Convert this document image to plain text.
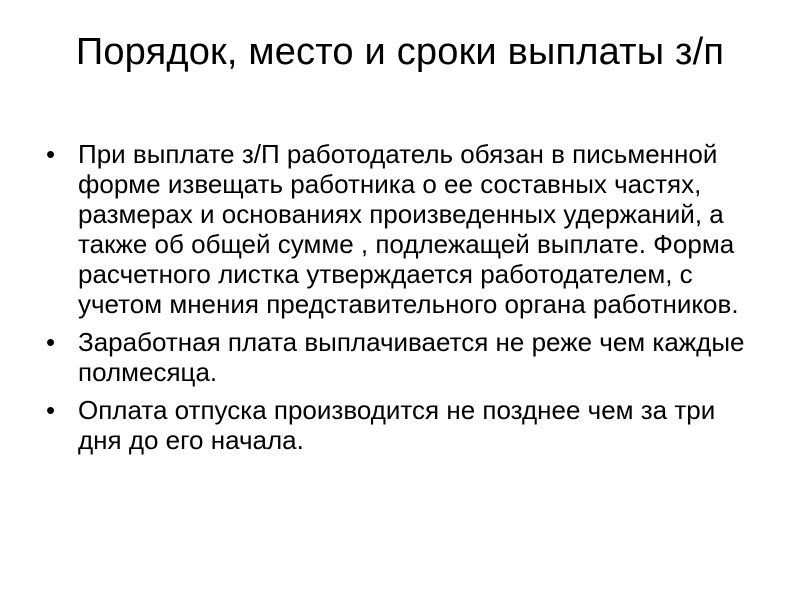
Порядок, место и сроки выплаты з/п
• При выплате з/П работодатель обязан в письменной форме извещать работника о ее составных частях, размерах и основаниях произведенных удержаний, а также об общей сумме , подлежащей выплате. Форма расчетного листка утверждается работодателем, с учетом мнения представительного органа работников.
• Заработная плата выплачивается не реже чем каждые полмесяца.
• Оплата отпуска производится не позднее чем за три дня до его начала.
